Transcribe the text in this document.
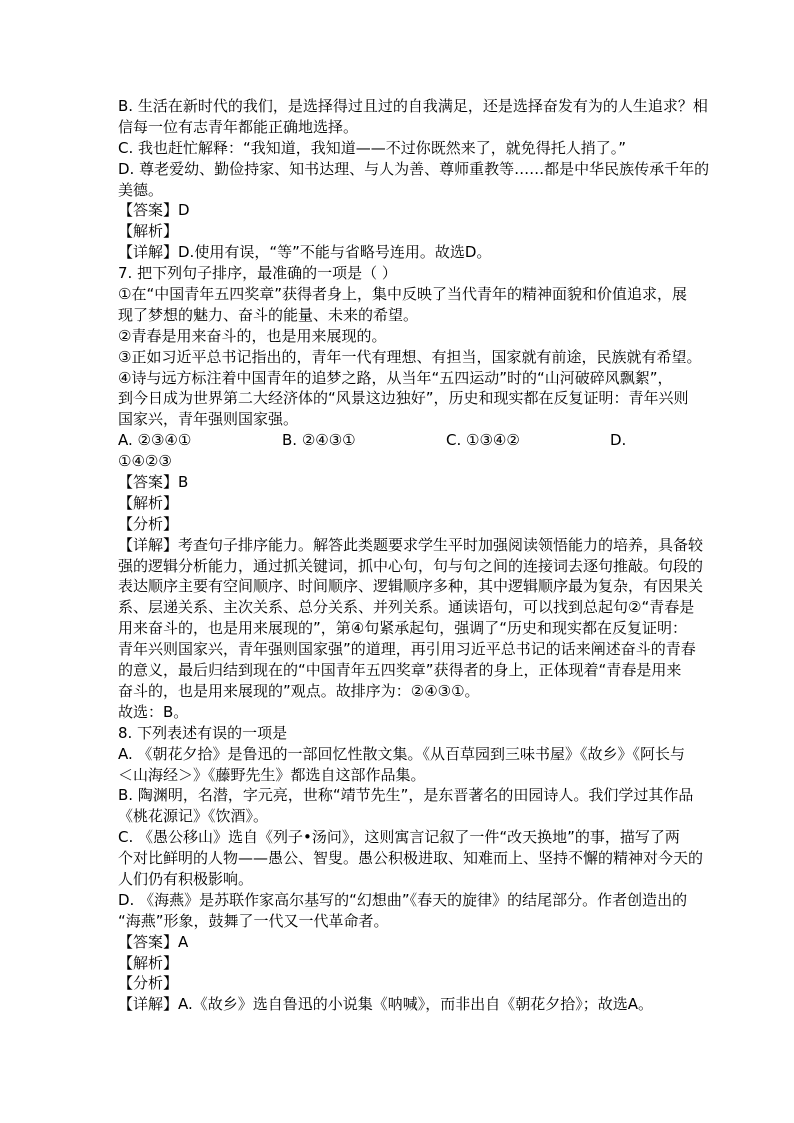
B. 生活在新时代的我们，是选择得过且过的自我满足，还是选择奋发有为的人生追求？相
信每一位有志青年都能正确地选择。
C. 我也赶忙解释：“我知道，我知道——不过你既然来了，就免得托人捎了。”
D. 尊老爱幼、勤俭持家、知书达理、与人为善、尊师重教等……都是中华民族传承千年的
美德。
【答案】D
【解析】
【详解】D.使用有误，“等”不能与省略号连用。故选D。
7. 把下列句子排序，最准确的一项是（ ）
①在“中国青年五四奖章”获得者身上，集中反映了当代青年的精神面貌和价值追求，展
现了梦想的魅力、奋斗的能量、未来的希望。
②青春是用来奋斗的，也是用来展现的。
③正如习近平总书记指出的，青年一代有理想、有担当，国家就有前途，民族就有希望。
④诗与远方标注着中国青年的追梦之路，从当年“五四运动”时的“山河破碎风飘絮”，
到今日成为世界第二大经济体的“风景这边独好”，历史和现实都在反复证明：青年兴则
国家兴，青年强则国家强。
A. ②③④①	B. ②④③①	C. ①③④②	D.
①④②③
【答案】B
【解析】
【分析】
【详解】考查句子排序能力。解答此类题要求学生平时加强阅读领悟能力的培养，具备较
强的逻辑分析能力，通过抓关键词，抓中心句，句与句之间的连接词去逐句推敲。句段的
表达顺序主要有空间顺序、时间顺序、逻辑顺序多种，其中逻辑顺序最为复杂，有因果关
系、层递关系、主次关系、总分关系、并列关系。通读语句，可以找到总起句②“青春是
用来奋斗的，也是用来展现的”，第④句紧承起句，强调了“历史和现实都在反复证明：
青年兴则国家兴，青年强则国家强”的道理，再引用习近平总书记的话来阐述奋斗的青春
的意义，最后归结到现在的“中国青年五四奖章”获得者的身上，正体现着“青春是用来
奋斗的，也是用来展现的”观点。故排序为：②④③①。
故选：B。
8. 下列表述有误的一项是
A. 《朝花夕拾》是鲁迅的一部回忆性散文集。《从百草园到三味书屋》《故乡》《阿长与
＜山海经＞》《藤野先生》都选自这部作品集。
B. 陶渊明，名潜，字元亮，世称“靖节先生”，是东晋著名的田园诗人。我们学过其作品
《桃花源记》《饮酒》。
C. 《愚公移山》选自《列子•汤问》，这则寓言记叙了一件“改天换地”的事，描写了两
个对比鲜明的人物——愚公、智叟。愚公积极进取、知难而上、坚持不懈的精神对今天的
人们仍有积极影响。
D. 《海燕》是苏联作家高尔基写的“幻想曲”《春天的旋律》的结尾部分。作者创造出的
“海燕”形象，鼓舞了一代又一代革命者。
【答案】A
【解析】
【分析】
【详解】A.《故乡》选自鲁迅的小说集《呐喊》，而非出自《朝花夕拾》；故选A。
